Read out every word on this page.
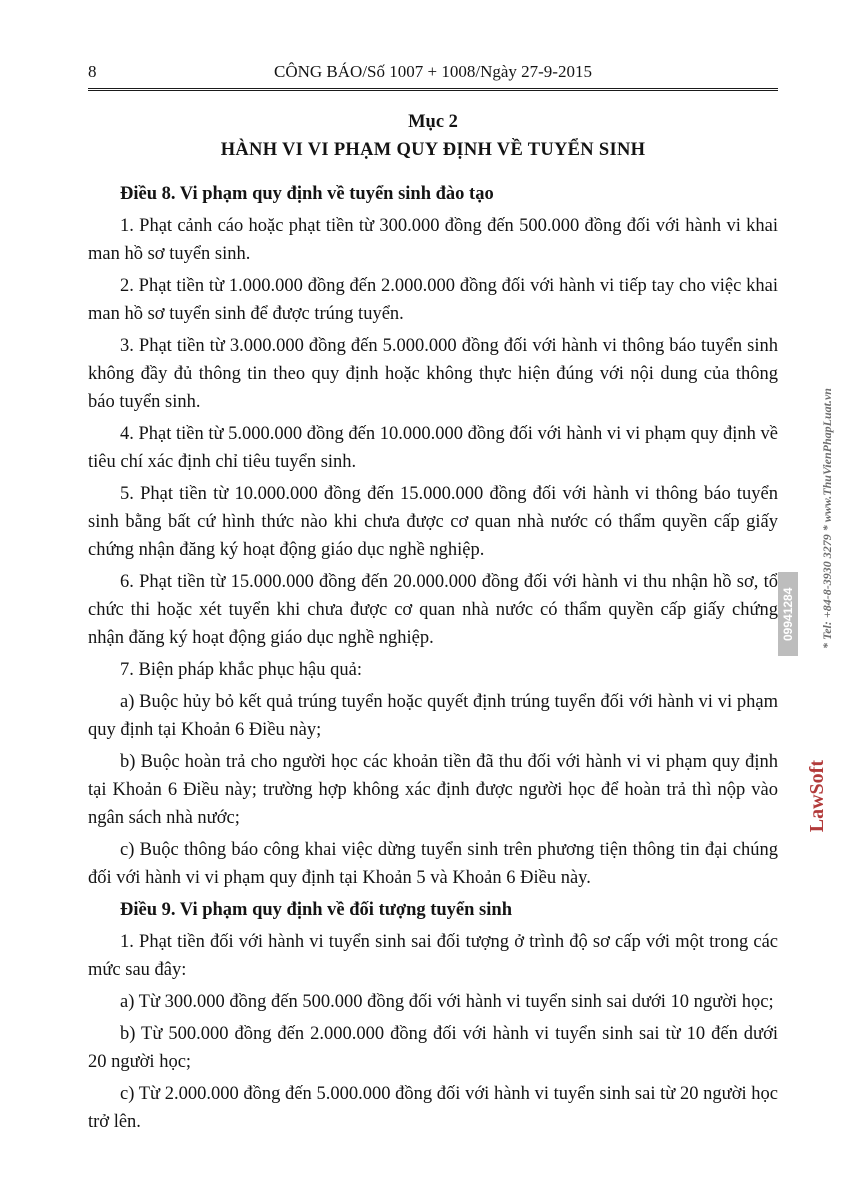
8	CÔNG BÁO/Số 1007 + 1008/Ngày 27-9-2015

Mục 2

HÀNH VI VI PHẠM QUY ĐỊNH VỀ TUYỂN SINH

Điều 8. Vi phạm quy định về tuyển sinh đào tạo

1. Phạt cảnh cáo hoặc phạt tiền từ 300.000 đồng đến 500.000 đồng đối với hành vi khai man hồ sơ tuyển sinh.

2. Phạt tiền từ 1.000.000 đồng đến 2.000.000 đồng đối với hành vi tiếp tay cho việc khai man hồ sơ tuyển sinh để được trúng tuyển.

3. Phạt tiền từ 3.000.000 đồng đến 5.000.000 đồng đối với hành vi thông báo tuyển sinh không đầy đủ thông tin theo quy định hoặc không thực hiện đúng với nội dung của thông báo tuyển sinh.

4. Phạt tiền từ 5.000.000 đồng đến 10.000.000 đồng đối với hành vi vi phạm quy định về tiêu chí xác định chỉ tiêu tuyển sinh.

5. Phạt tiền từ 10.000.000 đồng đến 15.000.000 đồng đối với hành vi thông báo tuyển sinh bằng bất cứ hình thức nào khi chưa được cơ quan nhà nước có thẩm quyền cấp giấy chứng nhận đăng ký hoạt động giáo dục nghề nghiệp.

6. Phạt tiền từ 15.000.000 đồng đến 20.000.000 đồng đối với hành vi thu nhận hồ sơ, tổ chức thi hoặc xét tuyển khi chưa được cơ quan nhà nước có thẩm quyền cấp giấy chứng nhận đăng ký hoạt động giáo dục nghề nghiệp.

7. Biện pháp khắc phục hậu quả:

a) Buộc hủy bỏ kết quả trúng tuyển hoặc quyết định trúng tuyển đối với hành vi vi phạm quy định tại Khoản 6 Điều này;

b) Buộc hoàn trả cho người học các khoản tiền đã thu đối với hành vi vi phạm quy định tại Khoản 6 Điều này; trường hợp không xác định được người học để hoàn trả thì nộp vào ngân sách nhà nước;

c) Buộc thông báo công khai việc dừng tuyển sinh trên phương tiện thông tin đại chúng đối với hành vi vi phạm quy định tại Khoản 5 và Khoản 6 Điều này.

Điều 9. Vi phạm quy định về đối tượng tuyển sinh

1. Phạt tiền đối với hành vi tuyển sinh sai đối tượng ở trình độ sơ cấp với một trong các mức sau đây:

a) Từ 300.000 đồng đến 500.000 đồng đối với hành vi tuyển sinh sai dưới 10 người học;

b) Từ 500.000 đồng đến 2.000.000 đồng đối với hành vi tuyển sinh sai từ 10 đến dưới 20 người học;

c) Từ 2.000.000 đồng đến 5.000.000 đồng đối với hành vi tuyển sinh sai từ 20 người học trở lên.

* Tel: +84-8-3930 3279 * www.ThuVienPhapLuat.vn
LawSoft
09941284
